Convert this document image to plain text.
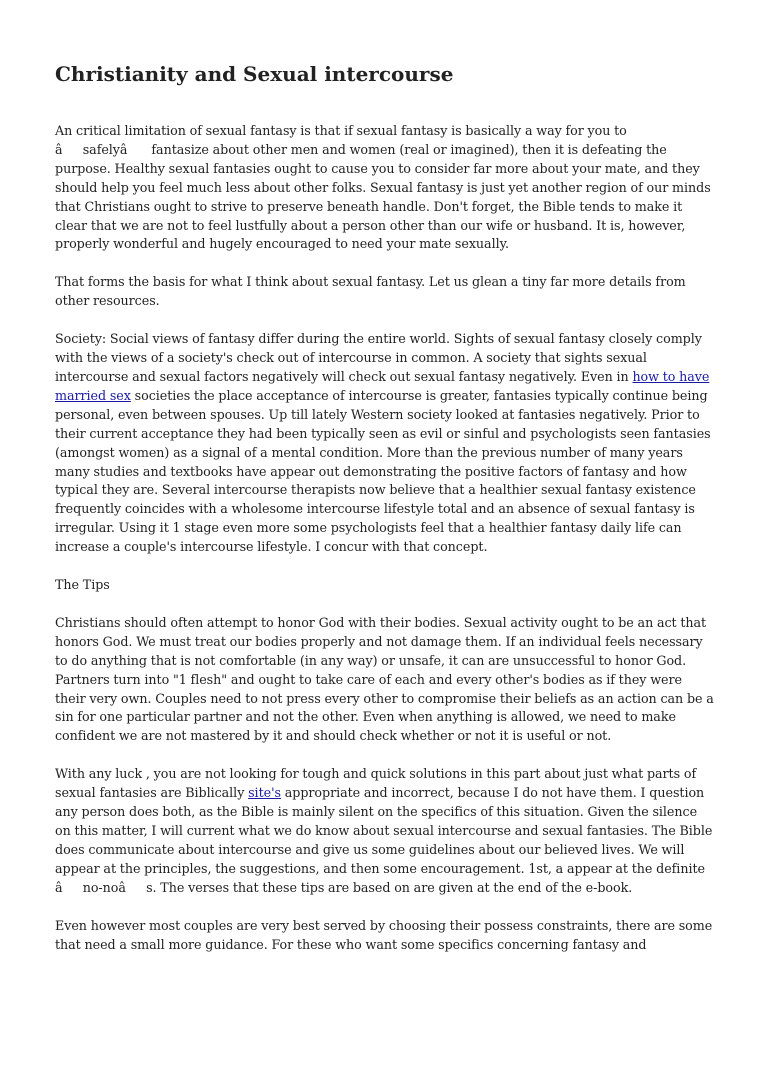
Christianity and Sexual intercourse

An critical limitation of sexual fantasy is that if sexual fantasy is basically a way for you to âsafelyâ fantasize about other men and women (real or imagined), then it is defeating the purpose. Healthy sexual fantasies ought to cause you to consider far more about your mate, and they should help you feel much less about other folks. Sexual fantasy is just yet another region of our minds that Christians ought to strive to preserve beneath handle. Don't forget, the Bible tends to make it clear that we are not to feel lustfully about a person other than our wife or husband. It is, however, properly wonderful and hugely encouraged to need your mate sexually.

That forms the basis for what I think about sexual fantasy. Let us glean a tiny far more details from other resources.

Society: Social views of fantasy differ during the entire world. Sights of sexual fantasy closely comply with the views of a society's check out of intercourse in common. A society that sights sexual intercourse and sexual factors negatively will check out sexual fantasy negatively. Even in how to have married sex societies the place acceptance of intercourse is greater, fantasies typically continue being personal, even between spouses. Up till lately Western society looked at fantasies negatively. Prior to their current acceptance they had been typically seen as evil or sinful and psychologists seen fantasies (amongst women) as a signal of a mental condition. More than the previous number of many years many studies and textbooks have appear out demonstrating the positive factors of fantasy and how typical they are. Several intercourse therapists now believe that a healthier sexual fantasy existence frequently coincides with a wholesome intercourse lifestyle total and an absence of sexual fantasy is irregular. Using it 1 stage even more some psychologists feel that a healthier fantasy daily life can increase a couple's intercourse lifestyle. I concur with that concept.

The Tips

Christians should often attempt to honor God with their bodies. Sexual activity ought to be an act that honors God. We must treat our bodies properly and not damage them. If an individual feels necessary to do anything that is not comfortable (in any way) or unsafe, it can are unsuccessful to honor God. Partners turn into "1 flesh" and ought to take care of each and every other's bodies as if they were their very own. Couples need to not press every other to compromise their beliefs as an action can be a sin for one particular partner and not the other. Even when anything is allowed, we need to make confident we are not mastered by it and should check whether or not it is useful or not.

With any luck , you are not looking for tough and quick solutions in this part about just what parts of sexual fantasies are Biblically site's appropriate and incorrect, because I do not have them. I question any person does both, as the Bible is mainly silent on the specifics of this situation. Given the silence on this matter, I will current what we do know about sexual intercourse and sexual fantasies. The Bible does communicate about intercourse and give us some guidelines about our believed lives. We will appear at the principles, the suggestions, and then some encouragement. 1st, a appear at the definite âno-noâs. The verses that these tips are based on are given at the end of the e-book.

Even however most couples are very best served by choosing their possess constraints, there are some that need a small more guidance. For these who want some specifics concerning fantasy and
